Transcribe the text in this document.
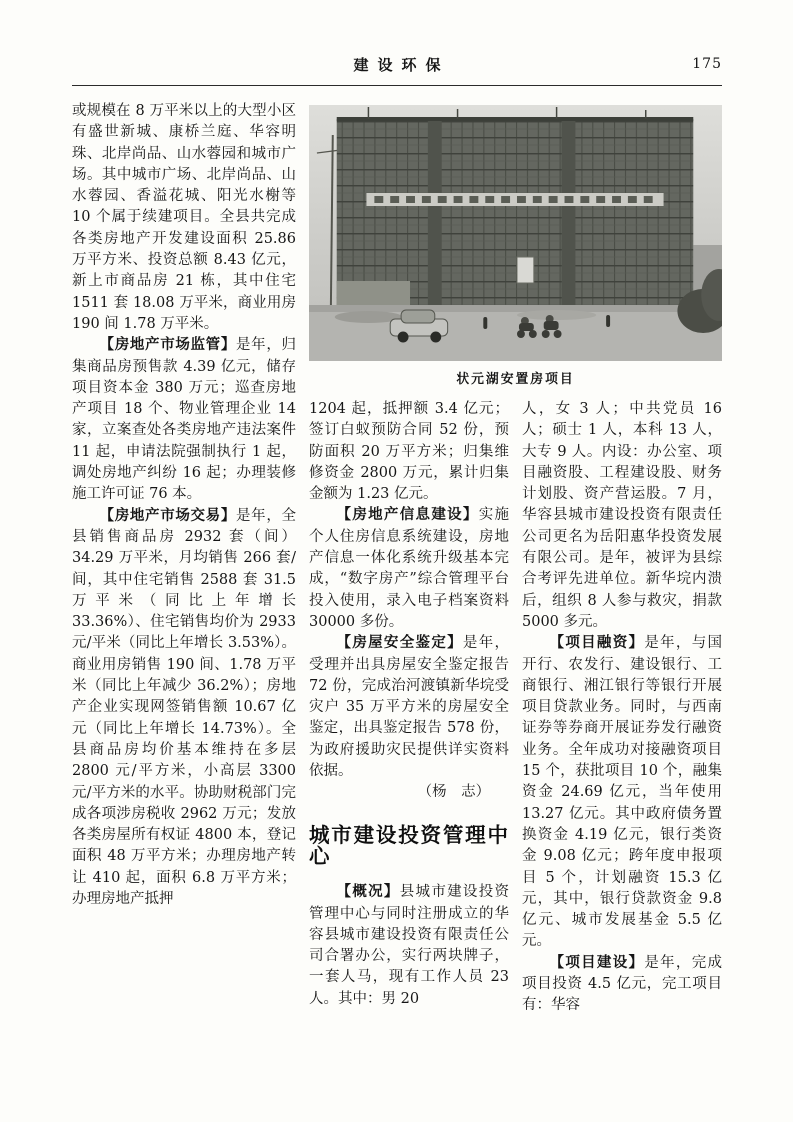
建设环保	175

或规模在 8 万平米以上的大型小区有盛世新城、康桥兰庭、华容明珠、北岸尚品、山水蓉园和城市广场。其中城市广场、北岸尚品、山水蓉园、香溢花城、阳光水榭等 10 个属于续建项目。全县共完成各类房地产开发建设面积 25.86 万平方米、投资总额 8.43 亿元，新上市商品房 21 栋，其中住宅 1511 套 18.08 万平米，商业用房 190 间 1.78 万平米。

【房地产市场监管】是年，归集商品房预售款 4.39 亿元，储存项目资本金 380 万元；巡查房地产项目 18 个、物业管理企业 14 家，立案查处各类房地产违法案件 11 起，申请法院强制执行 1 起，调处房地产纠纷 16 起；办理装修施工许可证 76 本。

【房地产市场交易】是年，全县销售商品房 2932 套（间）34.29 万平米，月均销售 266 套/间，其中住宅销售 2588 套 31.5 万平米（同比上年增长 33.36%）、住宅销售均价为 2933 元/平米（同比上年增长 3.53%）。商业用房销售 190 间、1.78 万平米（同比上年减少 36.2%）；房地产企业实现网签销售额 10.67 亿元（同比上年增长 14.73%）。全县商品房均价基本维持在多层 2800 元/平方米，小高层 3300 元/平方米的水平。协助财税部门完成各项涉房税收 2962 万元；发放各类房屋所有权证 4800 本，登记面积 48 万平方米；办理房地产转让 410 起，面积 6.8 万平方米；办理房地产抵押

状元湖安置房项目

1204 起，抵押额 3.4 亿元；签订白蚁预防合同 52 份，预防面积 20 万平方米；归集维修资金 2800 万元，累计归集金额为 1.23 亿元。

【房地产信息建设】实施个人住房信息系统建设，房地产信息一体化系统升级基本完成，“数字房产”综合管理平台投入使用，录入电子档案资料 30000 多份。

【房屋安全鉴定】是年，受理并出具房屋安全鉴定报告 72 份，完成治河渡镇新华垸受灾户 35 万平方米的房屋安全鉴定，出具鉴定报告 578 份，为政府援助灾民提供详实资料依据。

（杨　志）

城市建设投资管理中心

【概况】县城市建设投资管理中心与同时注册成立的华容县城市建设投资有限责任公司合署办公，实行两块牌子，一套人马，现有工作人员 23 人。其中：男 20

人，女 3 人；中共党员 16 人；硕士 1 人，本科 13 人，大专 9 人。内设：办公室、项目融资股、工程建设股、财务计划股、资产营运股。7 月，华容县城市建设投资有限责任公司更名为岳阳惠华投资发展有限公司。是年，被评为县综合考评先进单位。新华垸内溃后，组织 8 人参与救灾，捐款 5000 多元。

【项目融资】是年，与国开行、农发行、建设银行、工商银行、湘江银行等银行开展项目贷款业务。同时，与西南证券等券商开展证券发行融资业务。全年成功对接融资项目 15 个，获批项目 10 个，融集资金 24.69 亿元，当年使用 13.27 亿元。其中政府债务置换资金 4.19 亿元，银行类资金 9.08 亿元；跨年度申报项目 5 个，计划融资 15.3 亿元，其中，银行贷款资金 9.8 亿元、城市发展基金 5.5 亿元。

【项目建设】是年，完成项目投资 4.5 亿元，完工项目有：华容
